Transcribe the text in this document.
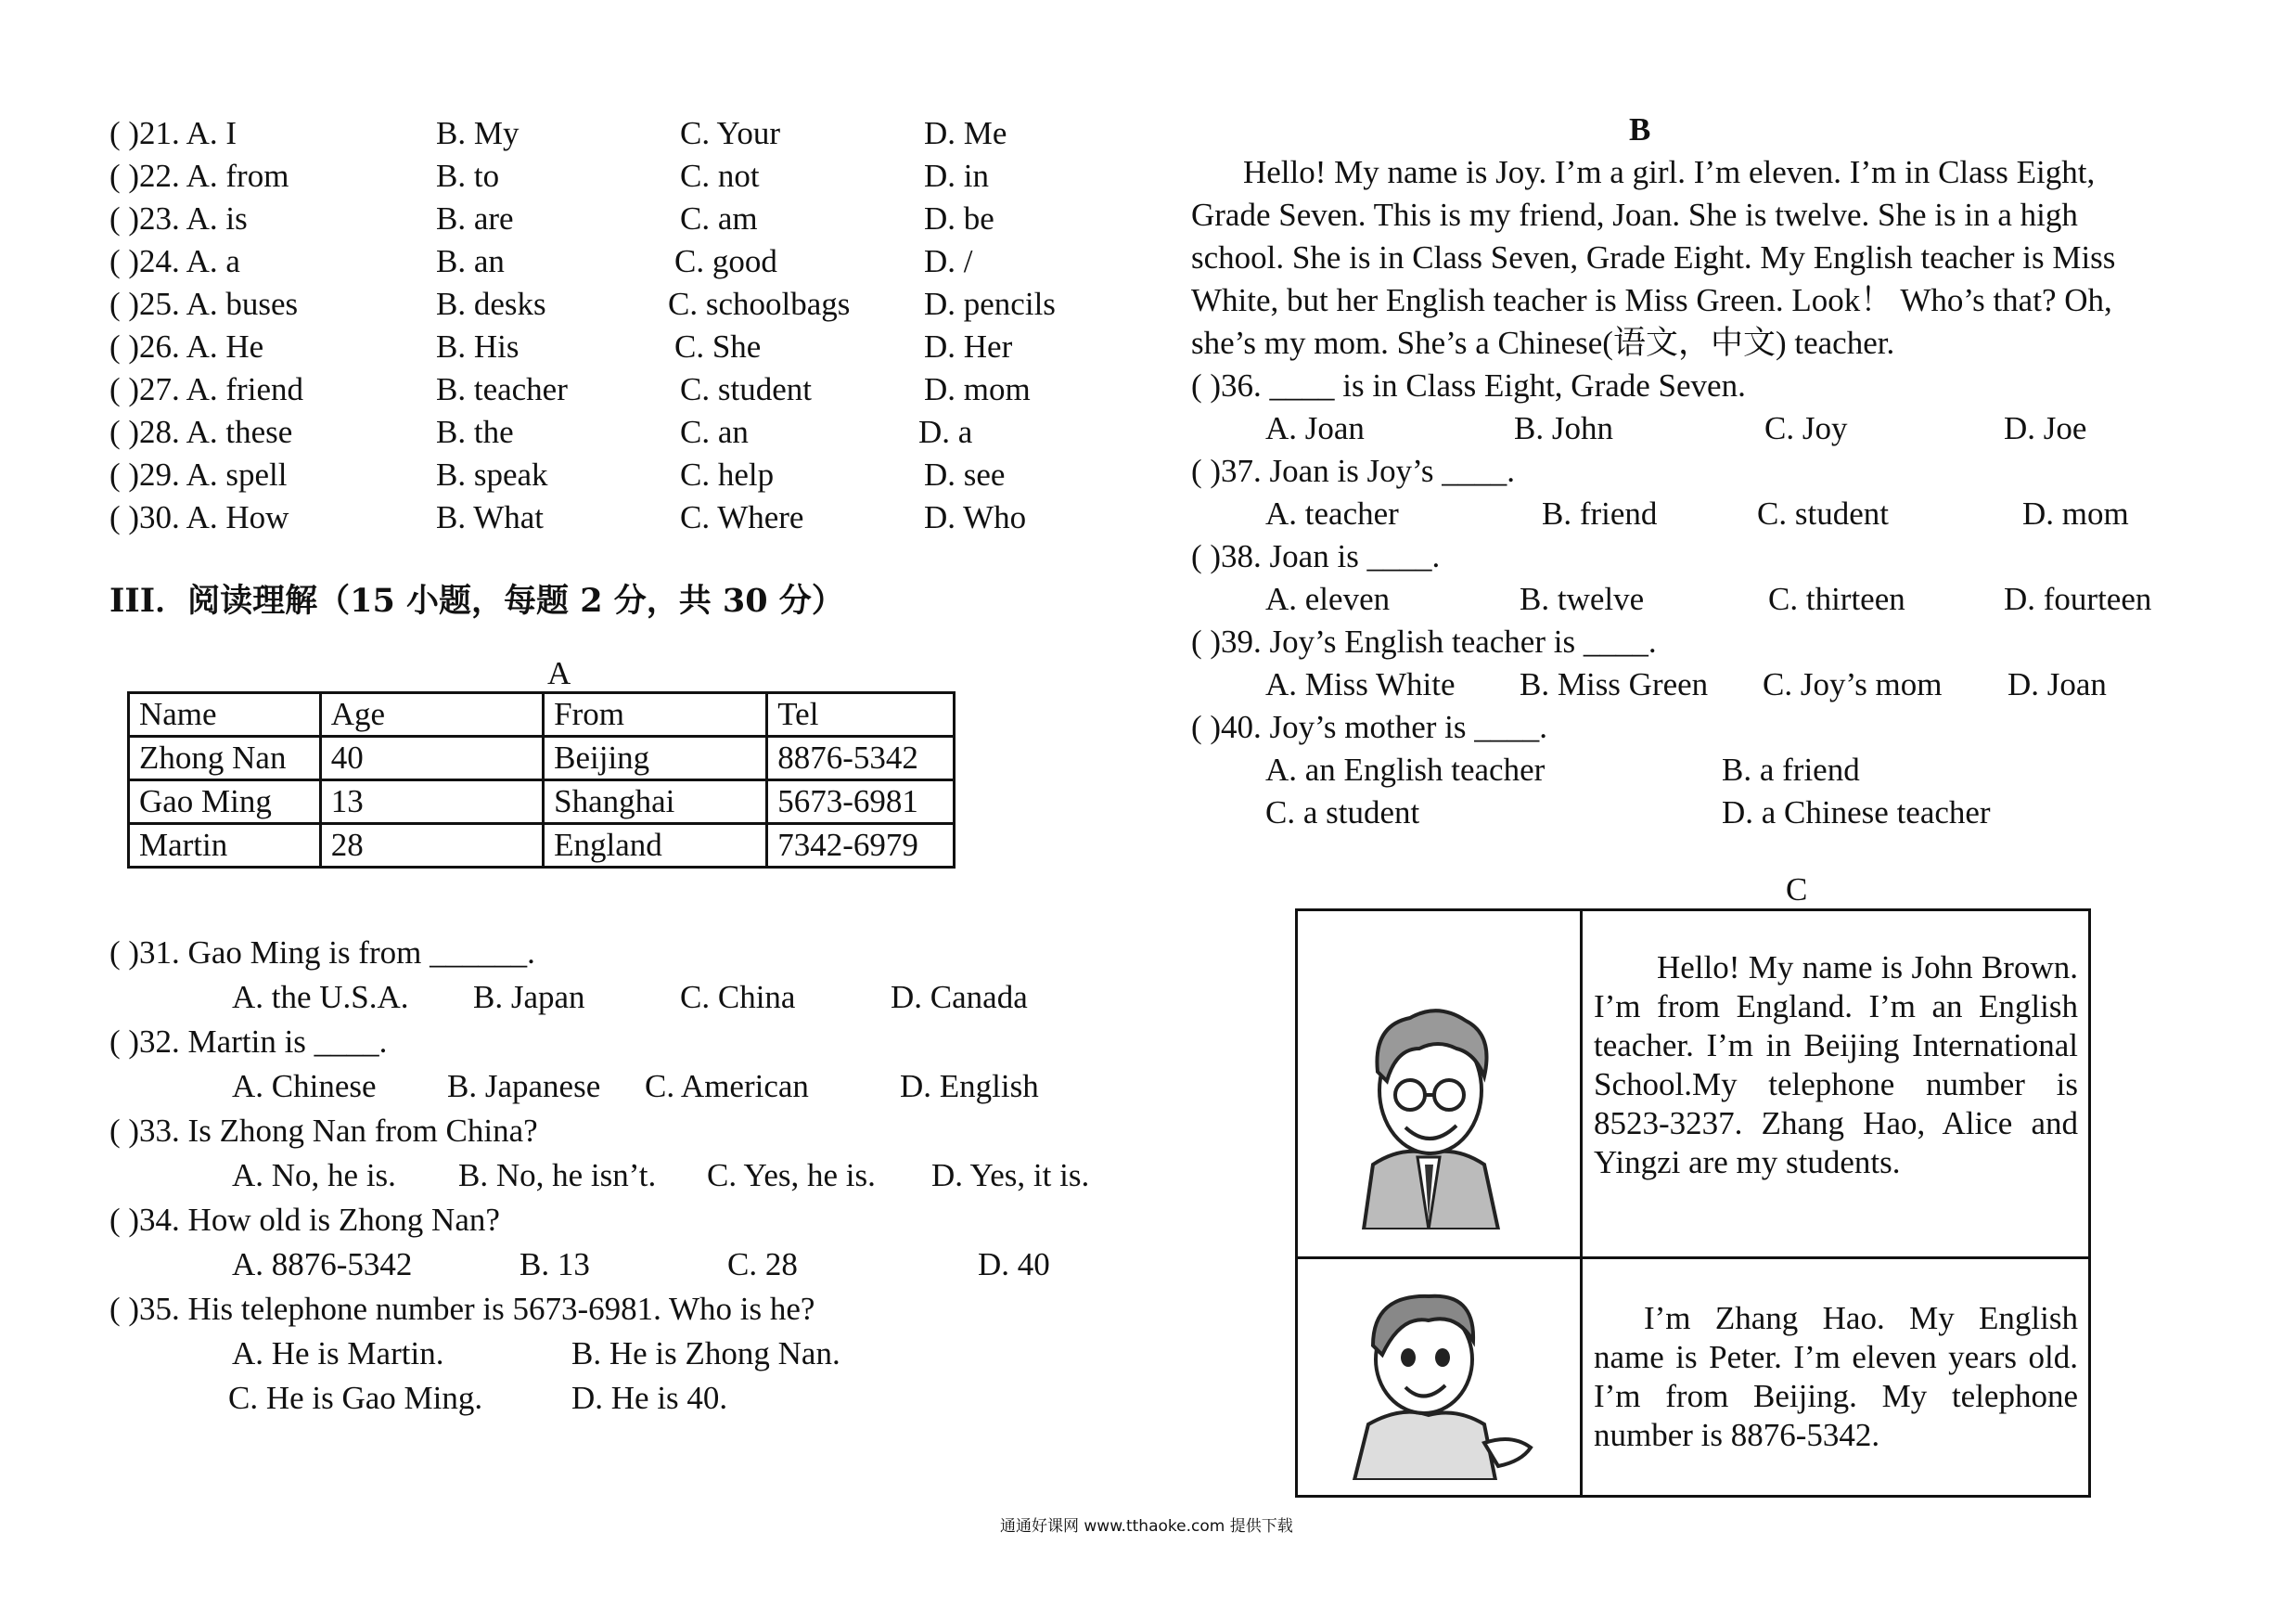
( )21. A. I	B. My	C. Your	D. Me
( )22. A. from	B. to	C. not	D. in
( )23. A. is	B. are	C. am	D. be
( )24. A. a	B. an	C. good	D. /
( )25. A. buses	B. desks	C. schoolbags D. pencils
( )26. A. He	B. His	C. She	D. Her
( )27. A. friend	B. teacher	C. student	D. mom
( )28. A. these	B. the	C. an	D. a
( )29. A. spell	B. speak	C. help	D. see
( )30. A. How	B. What	C. Where	D. Who
III．阅读理解（15 小题，每题 2 分，共 30 分）
A
Name	Age	From	Tel
Zhong Nan	40	Beijing	8876-5342
Gao Ming	13	Shanghai	5673-6981
Martin	28	England	7342-6979
( )31. Gao Ming is from ______.
A. the U.S.A. B. Japan	C. China	D. Canada
( )32. Martin is ____.
A. Chinese B. Japanese C. American	D. English
( )33. Is Zhong Nan from China?
A. No, he is. B. No, he isn’t. C. Yes, he is. D. Yes, it is.
( )34. How old is Zhong Nan?
A. 8876-5342	B. 13	C. 28	D. 40
( )35. His telephone number is 5673-6981. Who is he?
A. He is Martin.	B. He is Zhong Nan.
C. He is Gao Ming.	D. He is 40.
B
Hello! My name is Joy. I’m a girl. I’m eleven. I’m in Class Eight,
Grade Seven. This is my friend, Joan. She is twelve. She is in a high
school. She is in Class Seven, Grade Eight. My English teacher is Miss
White, but her English teacher is Miss Green. Look！ Who’s that? Oh,
she’s my mom. She’s a Chinese(语文，中文) teacher.
( )36. ____ is in Class Eight, Grade Seven.
A. Joan	B. John	C. Joy	D. Joe
( )37. Joan is Joy’s ____.
A. teacher	B. friend	C. student	D. mom
( )38. Joan is ____.
A. eleven	B. twelve	C. thirteen	D. fourteen
( )39. Joy’s English teacher is ____.
A. Miss White B. Miss Green C. Joy’s mom D. Joan
( )40. Joy’s mother is ____.
A. an English teacher	B. a friend
C. a student	D. a Chinese teacher
C
Hello! My name is John Brown. I’m from England. I’m an English teacher. I’m in Beijing International School.My telephone number is 8523-3237. Zhang Hao, Alice and Yingzi are my students.
I’m Zhang Hao. My English name is Peter. I’m eleven years old. I’m from Beijing. My telephone number is 8876-5342.
通通好课网 www.tthaoke.com 提供下载
